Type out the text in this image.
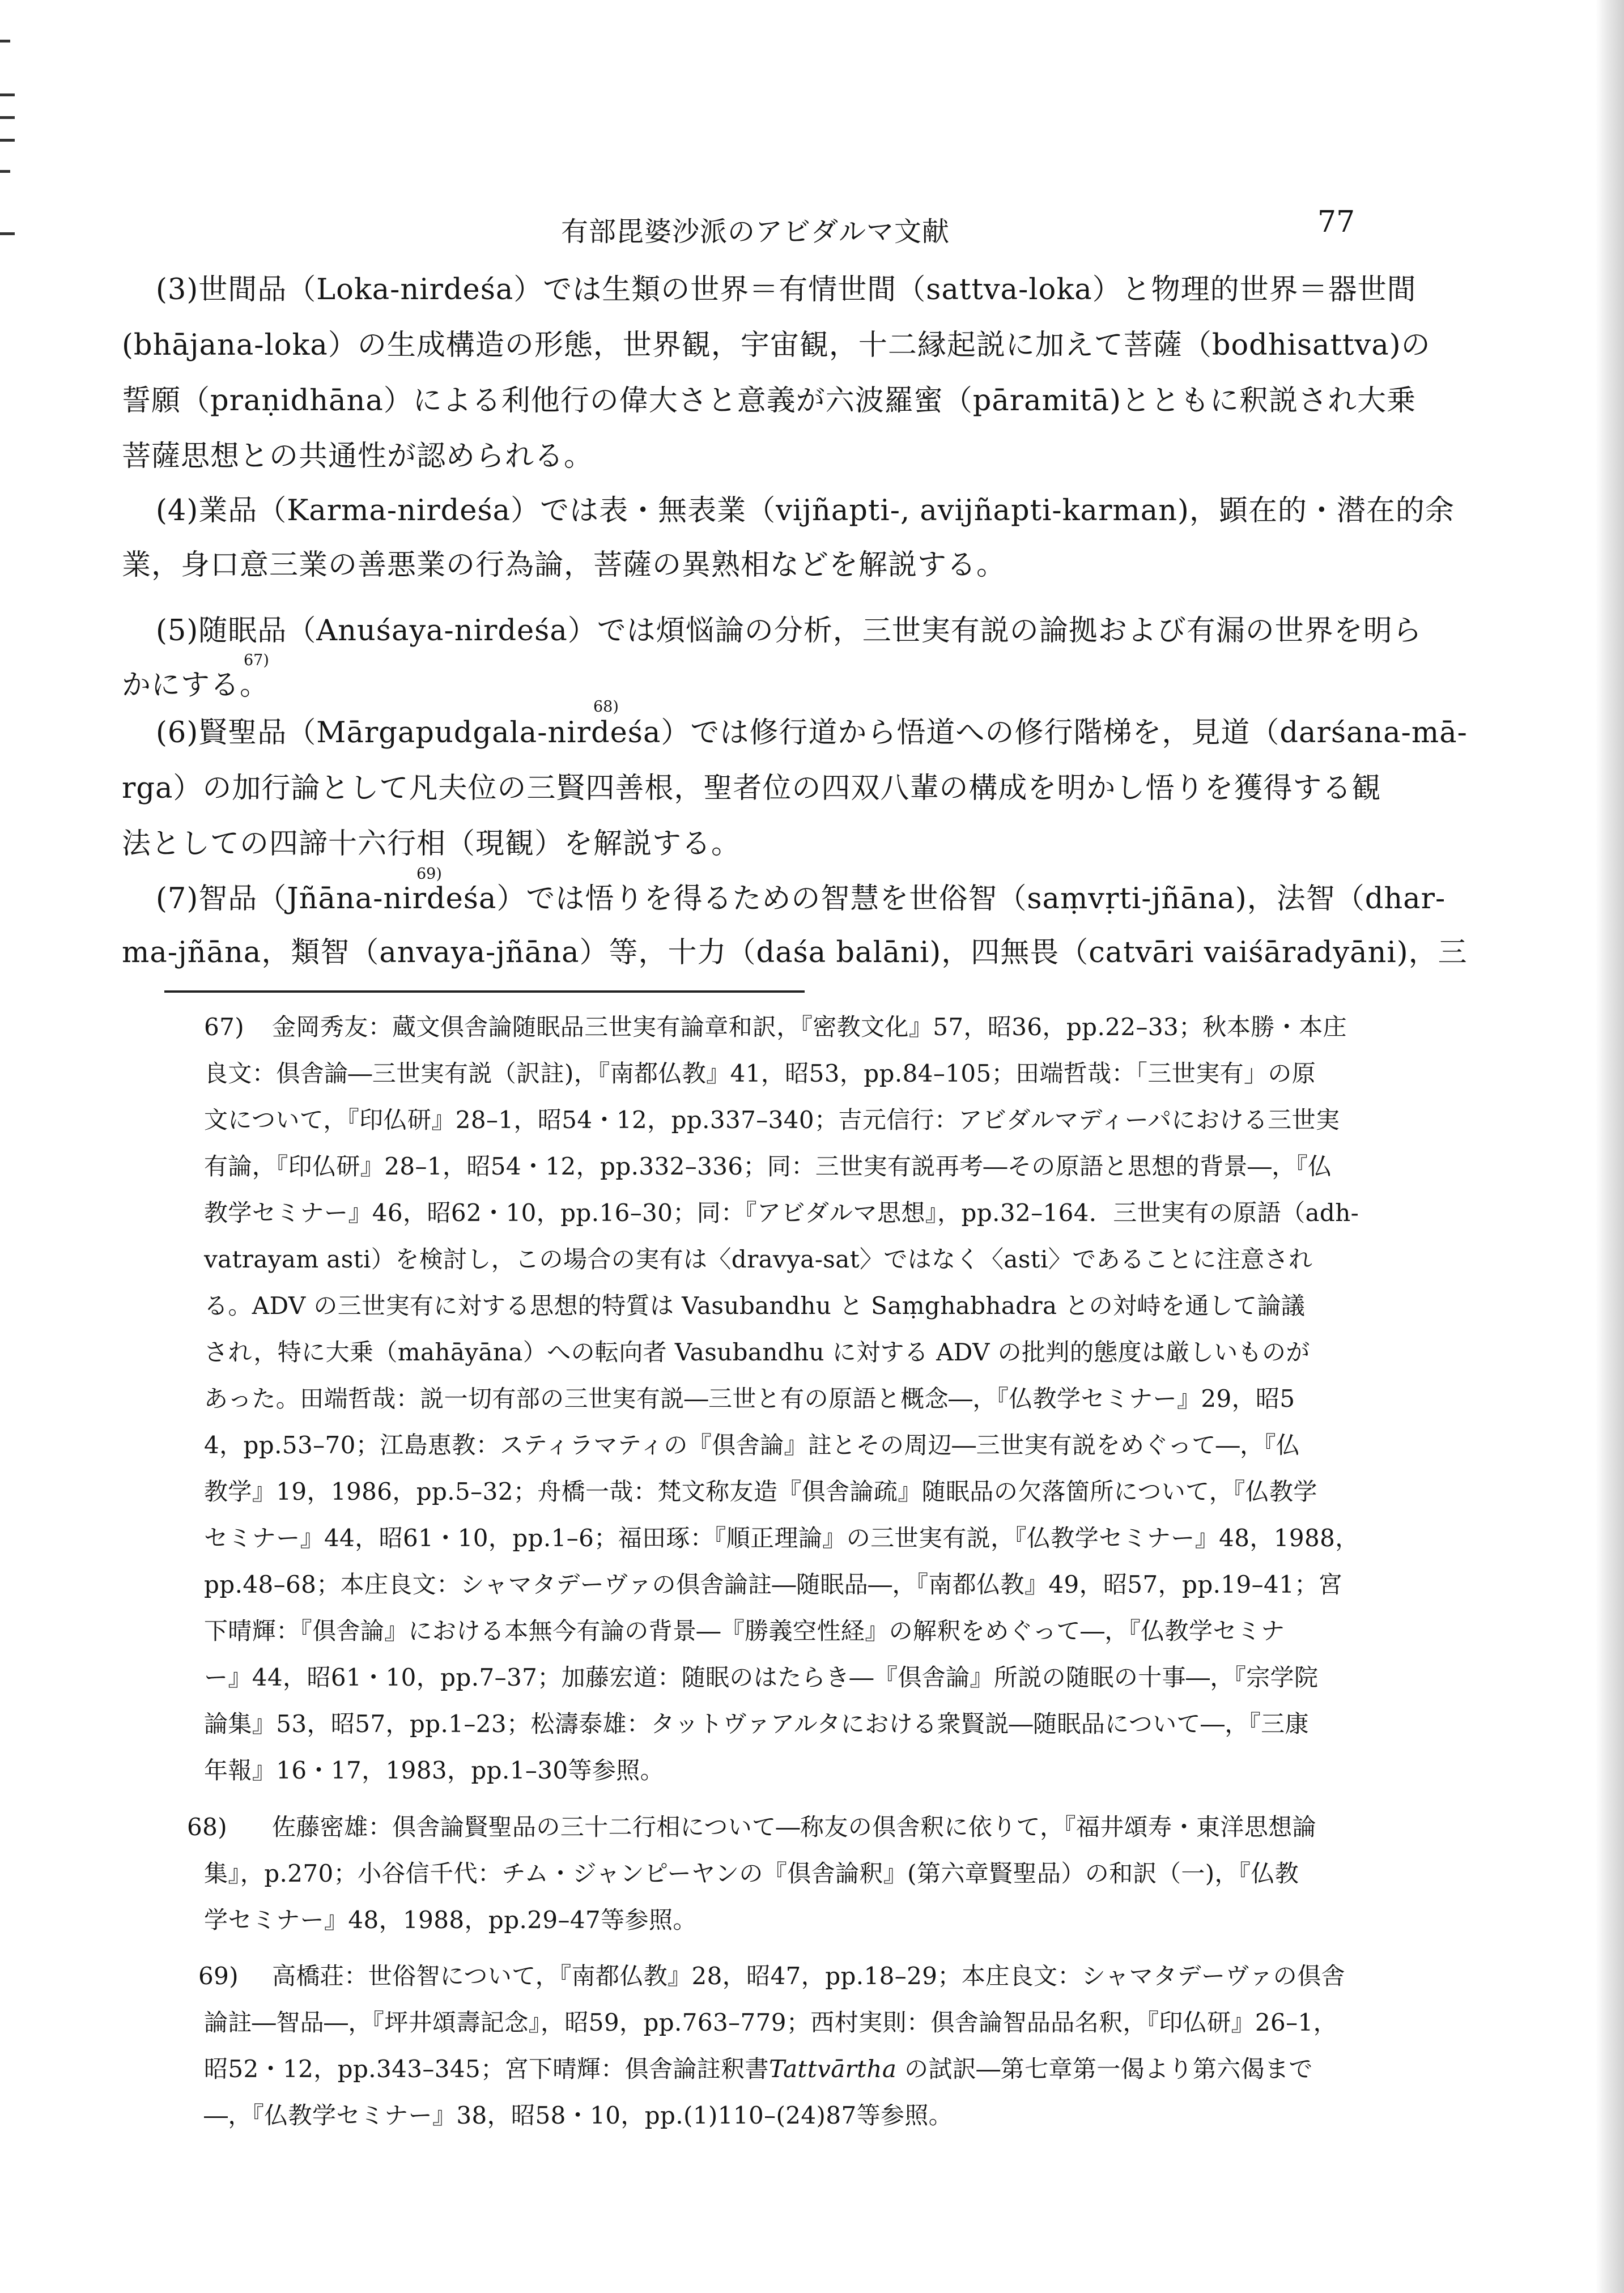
有部毘婆沙派のアビダルマ文献	77
(3)世間品（Loka-nirdeśa）では生類の世界＝有情世間（sattva-loka）と物理的世界＝器世間
(bhājana-loka）の生成構造の形態，世界観，宇宙観，十二縁起説に加えて菩薩（bodhisattva)の
誓願（praṇidhāna）による利他行の偉大さと意義が六波羅蜜（pāramitā)とともに釈説され大乗
菩薩思想との共通性が認められる。
(4)業品（Karma-nirdeśa）では表・無表業（vijñapti-, avijñapti-karman)，顕在的・潜在的余
業，身口意三業の善悪業の行為論，菩薩の異熟相などを解説する。
(5)随眠品（Anuśaya-nirdeśa）では煩悩論の分析，三世実有説の論拠および有漏の世界を明ら
67)
かにする。
68)
(6)賢聖品（Mārgapudgala-nirdeśa）では修行道から悟道への修行階梯を，見道（darśana-mā-
rga）の加行論として凡夫位の三賢四善根，聖者位の四双八輩の構成を明かし悟りを獲得する観
法としての四諦十六行相（現観）を解説する。
69)
(7)智品（Jñāna-nirdeśa）では悟りを得るための智慧を世俗智（saṃvṛti-jñāna)，法智（dhar-
ma-jñāna，類智（anvaya-jñāna）等，十力（daśa balāni)，四無畏（catvāri vaiśāradyāni)，三
67) 金岡秀友：蔵文倶舎論随眠品三世実有論章和訳，『密教文化』57，昭36，pp.22–33；秋本勝・本庄
良文：倶舎論―三世実有説（訳註)，『南都仏教』41，昭53，pp.84–105；田端哲哉：「三世実有」の原
文について，『印仏研』28–1，昭54・12，pp.337–340；吉元信行：アビダルマディーパにおける三世実
有論，『印仏研』28–1，昭54・12，pp.332–336；同：三世実有説再考―その原語と思想的背景―，『仏
教学セミナー』46，昭62・10，pp.16–30；同：『アビダルマ思想』，pp.32–164．三世実有の原語（adh-
vatrayam asti）を検討し，この場合の実有は〈dravya-sat〉ではなく〈asti〉であることに注意され
る。ADV の三世実有に対する思想的特質は Vasubandhu と Saṃghabhadra との対峙を通して論議
され，特に大乗（mahāyāna）への転向者 Vasubandhu に対する ADV の批判的態度は厳しいものが
あった。田端哲哉：説一切有部の三世実有説―三世と有の原語と概念―，『仏教学セミナー』29，昭5
4，pp.53–70；江島恵教：スティラマティの『倶舎論』註とその周辺―三世実有説をめぐって―，『仏
教学』19，1986，pp.5–32；舟橋一哉：梵文称友造『倶舎論疏』随眠品の欠落箇所について，『仏教学
セミナー』44，昭61・10，pp.1–6；福田琢：『順正理論』の三世実有説，『仏教学セミナー』48，1988，
pp.48–68；本庄良文：シャマタデーヴァの倶舎論註―随眠品―，『南都仏教』49，昭57，pp.19–41；宮
下晴輝：『倶舎論』における本無今有論の背景―『勝義空性経』の解釈をめぐって―，『仏教学セミナ
ー』44，昭61・10，pp.7–37；加藤宏道：随眠のはたらき―『倶舎論』所説の随眠の十事―，『宗学院
論集』53，昭57，pp.1–23；松濤泰雄：タットヴァアルタにおける衆賢説―随眠品について―，『三康
年報』16・17，1983，pp.1–30等参照。
68) 佐藤密雄：倶舎論賢聖品の三十二行相について―称友の倶舎釈に依りて，『福井頌寿・東洋思想論
集』，p.270；小谷信千代：チム・ジャンピーヤンの『倶舎論釈』(第六章賢聖品）の和訳（一)，『仏教
学セミナー』48，1988，pp.29–47等参照。
69) 高橋荘：世俗智について，『南都仏教』28，昭47，pp.18–29；本庄良文：シャマタデーヴァの倶舎
論註―智品―，『坪井頌壽記念』，昭59，pp.763–779；西村実則：倶舎論智品品名釈，『印仏研』26–1，
昭52・12，pp.343–345；宮下晴輝：倶舎論註釈書Tattvārtha の試訳―第七章第一偈より第六偈まで
―，『仏教学セミナー』38，昭58・10，pp.(1)110–(24)87等参照。
